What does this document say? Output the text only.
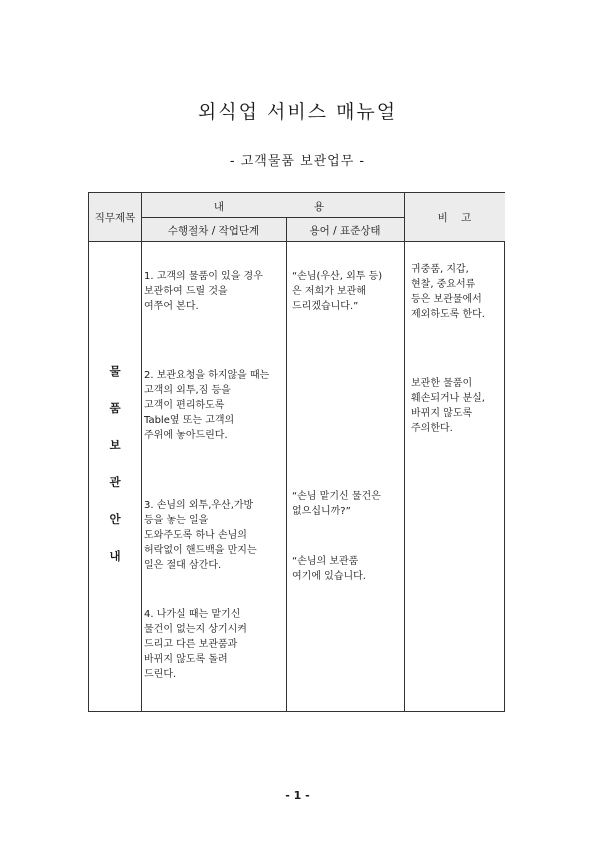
외식업 서비스 매뉴얼
- 고객물품 보관업무 -
직무제목
내	용
수행절차 / 작업단계	용어 / 표준상태
비    고
물
품
보
관
안
내
1. 고객의 물품이 있을 경우
보관하여 드릴 것을
여쭈어 본다.
2. 보관요청을 하지않을 때는
고객의 외투,짐 등을
고객이 편리하도록
Table옆 또는 고객의
주위에 놓아드린다.
3. 손님의 외투,우산,가방
등을 놓는 일을
도와주도록 하나 손님의
허락없이 핸드백을 만지는
일은 절대 삼간다.
4. 나가실 때는 맡기신
물건이 없는지 상기시켜
드리고 다른 보관품과
바뀌지 않도록 돌려
드린다.
“손님(우산, 외투 등)
은 저희가 보관해
드리겠습니다.”
“손님 맡기신 물건은
없으십니까?”
“손님의 보관품
여기에 있습니다.
귀중품, 지갑,
현찰, 중요서류
등은 보관물에서
제외하도록 한다.
보관한 물품이
훼손되거나 분실,
바뀌지 않도록
주의한다.
- 1 -
